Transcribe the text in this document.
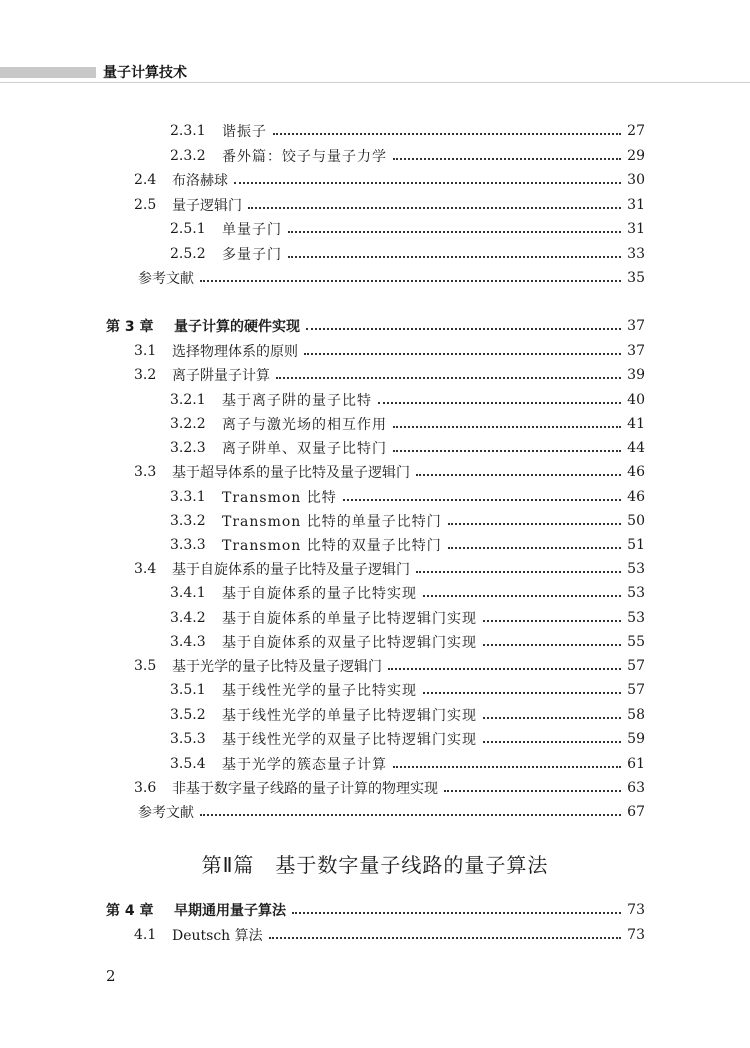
量子计算技术
2.3.1 谐振子	27
2.3.2 番外篇：饺子与量子力学	29
2.4 布洛赫球	30
2.5 量子逻辑门	31
2.5.1 单量子门	31
2.5.2 多量子门	33
参考文献	35
第 3 章	量子计算的硬件实现	37
3.1 选择物理体系的原则	37
3.2 离子阱量子计算	39
3.2.1 基于离子阱的量子比特	40
3.2.2 离子与激光场的相互作用	41
3.2.3 离子阱单、双量子比特门	44
3.3 基于超导体系的量子比特及量子逻辑门	46
3.3.1 Transmon 比特	46
3.3.2 Transmon 比特的单量子比特门	50
3.3.3 Transmon 比特的双量子比特门	51
3.4 基于自旋体系的量子比特及量子逻辑门	53
3.4.1 基于自旋体系的量子比特实现	53
3.4.2 基于自旋体系的单量子比特逻辑门实现	53
3.4.3 基于自旋体系的双量子比特逻辑门实现	55
3.5 基于光学的量子比特及量子逻辑门	57
3.5.1 基于线性光学的量子比特实现	57
3.5.2 基于线性光学的单量子比特逻辑门实现	58
3.5.3 基于线性光学的双量子比特逻辑门实现	59
3.5.4 基于光学的簇态量子计算	61
3.6 非基于数字量子线路的量子计算的物理实现	63
参考文献	67
第 4 章	早期通用量子算法	73
4.1 Deutsch 算法	73
第Ⅱ篇　基于数字量子线路的量子算法
2
